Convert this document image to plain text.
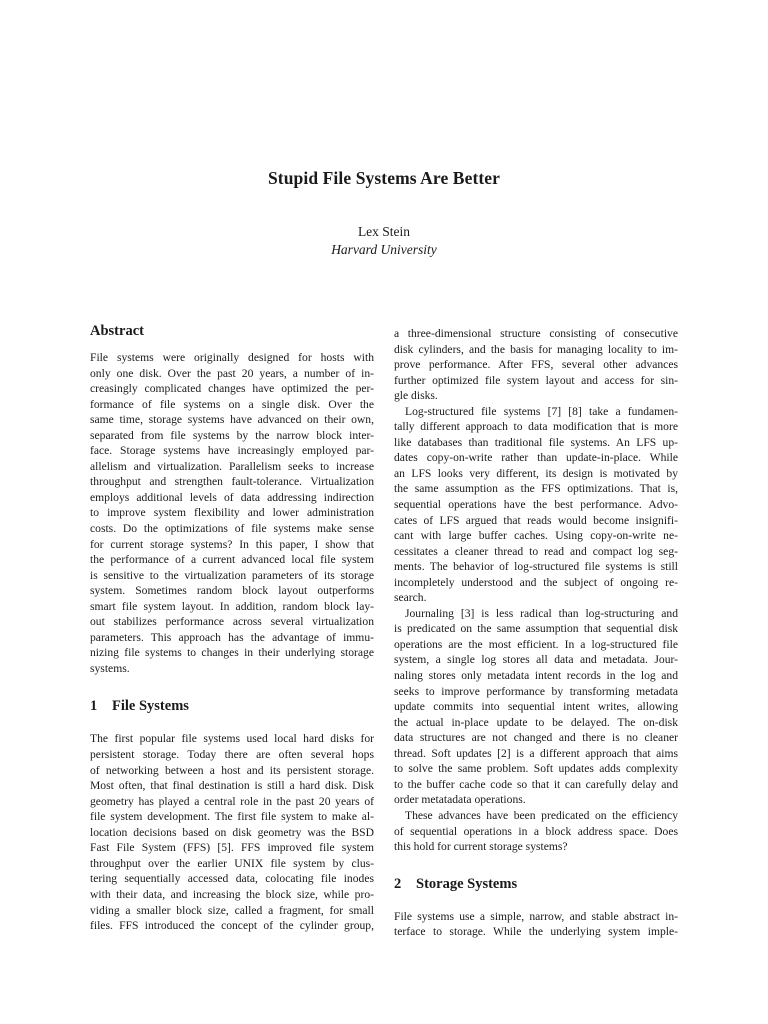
Stupid File Systems Are Better
Lex Stein
Harvard University
Abstract
File systems were originally designed for hosts with
only one disk. Over the past 20 years, a number of in-
creasingly complicated changes have optimized the per-
formance of file systems on a single disk. Over the
same time, storage systems have advanced on their own,
separated from file systems by the narrow block inter-
face. Storage systems have increasingly employed par-
allelism and virtualization. Parallelism seeks to increase
throughput and strengthen fault-tolerance. Virtualization
employs additional levels of data addressing indirection
to improve system flexibility and lower administration
costs. Do the optimizations of file systems make sense
for current storage systems? In this paper, I show that
the performance of a current advanced local file system
is sensitive to the virtualization parameters of its storage
system. Sometimes random block layout outperforms
smart file system layout. In addition, random block lay-
out stabilizes performance across several virtualization
parameters. This approach has the advantage of immu-
nizing file systems to changes in their underlying storage
systems.
1 File Systems
The first popular file systems used local hard disks for
persistent storage. Today there are often several hops
of networking between a host and its persistent storage.
Most often, that final destination is still a hard disk. Disk
geometry has played a central role in the past 20 years of
file system development. The first file system to make al-
location decisions based on disk geometry was the BSD
Fast File System (FFS) [5]. FFS improved file system
throughput over the earlier UNIX file system by clus-
tering sequentially accessed data, colocating file inodes
with their data, and increasing the block size, while pro-
viding a smaller block size, called a fragment, for small
files. FFS introduced the concept of the cylinder group,
a three-dimensional structure consisting of consecutive
disk cylinders, and the basis for managing locality to im-
prove performance. After FFS, several other advances
further optimized file system layout and access for sin-
gle disks.
Log-structured file systems [7] [8] take a fundamen-
tally different approach to data modification that is more
like databases than traditional file systems. An LFS up-
dates copy-on-write rather than update-in-place. While
an LFS looks very different, its design is motivated by
the same assumption as the FFS optimizations. That is,
sequential operations have the best performance. Advo-
cates of LFS argued that reads would become insignifi-
cant with large buffer caches. Using copy-on-write ne-
cessitates a cleaner thread to read and compact log seg-
ments. The behavior of log-structured file systems is still
incompletely understood and the subject of ongoing re-
search.
Journaling [3] is less radical than log-structuring and
is predicated on the same assumption that sequential disk
operations are the most efficient. In a log-structured file
system, a single log stores all data and metadata. Jour-
naling stores only metadata intent records in the log and
seeks to improve performance by transforming metadata
update commits into sequential intent writes, allowing
the actual in-place update to be delayed. The on-disk
data structures are not changed and there is no cleaner
thread. Soft updates [2] is a different approach that aims
to solve the same problem. Soft updates adds complexity
to the buffer cache code so that it can carefully delay and
order metatadata operations.
These advances have been predicated on the efficiency
of sequential operations in a block address space. Does
this hold for current storage systems?
2 Storage Systems
File systems use a simple, narrow, and stable abstract in-
terface to storage. While the underlying system imple-
